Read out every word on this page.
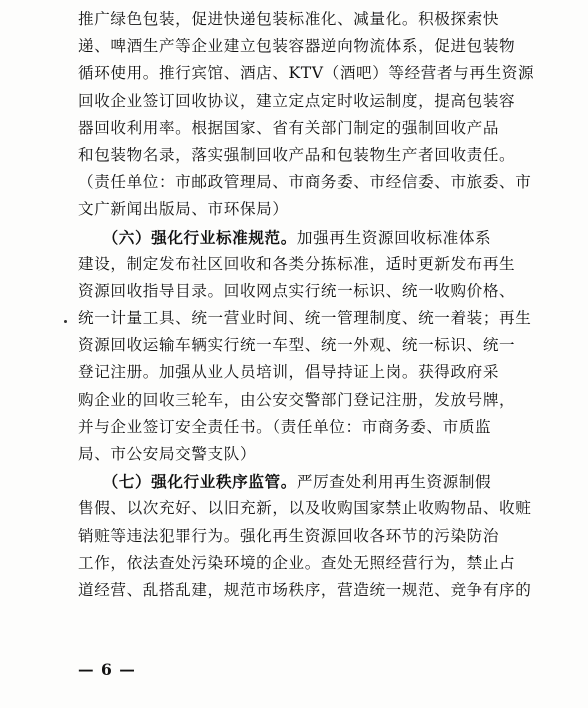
推广绿色包装，促进快递包装标准化、减量化。积极探索快
递、啤酒生产等企业建立包装容器逆向物流体系，促进包装物
循环使用。推行宾馆、酒店、KTV（酒吧）等经营者与再生资源
回收企业签订回收协议，建立定点定时收运制度，提高包装容
器回收利用率。根据国家、省有关部门制定的强制回收产品
和包装物名录，落实强制回收产品和包装物生产者回收责任。
（责任单位：市邮政管理局、市商务委、市经信委、市旅委、市
文广新闻出版局、市环保局）
　　（六）强化行业标准规范。加强再生资源回收标准体系
建设，制定发布社区回收和各类分拣标准，适时更新发布再生
资源回收指导目录。回收网点实行统一标识、统一收购价格、
统一计量工具、统一营业时间、统一管理制度、统一着装；再生
资源回收运输车辆实行统一车型、统一外观、统一标识、统一
登记注册。加强从业人员培训，倡导持证上岗。获得政府采
购企业的回收三轮车，由公安交警部门登记注册，发放号牌，
并与企业签订安全责任书。（责任单位：市商务委、市质监
局、市公安局交警支队）
　　（七）强化行业秩序监管。严厉查处利用再生资源制假
售假、以次充好、以旧充新，以及收购国家禁止收购物品、收赃
销赃等违法犯罪行为。强化再生资源回收各环节的污染防治
工作，依法查处污染环境的企业。查处无照经营行为，禁止占
道经营、乱搭乱建，规范市场秩序，营造统一规范、竞争有序的
— 6 —
